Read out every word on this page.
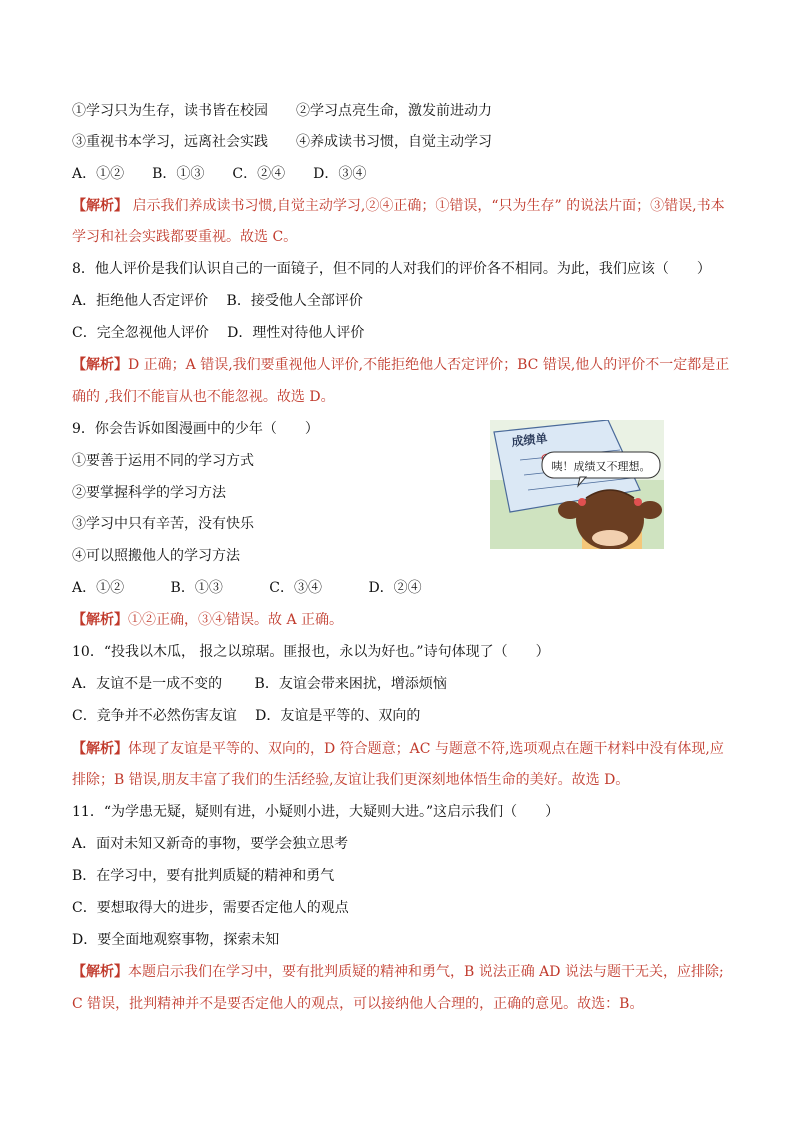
①学习只为生存，读书皆在校园　　②学习点亮生命，激发前进动力
③重视书本学习，远离社会实践　　④养成读书习惯，自觉主动学习
A．①②　　B．①③　　C．②④　　D．③④
【解析】 启示我们养成读书习惯,自觉主动学习,②④正确；①错误，“只为生存” 的说法片面；③错误,书本
学习和社会实践都要重视。故选 C。
8．他人评价是我们认识自己的一面镜子，但不同的人对我们的评价各不相同。为此，我们应该（　　）
A．拒绝他人否定评价　 B．接受他人全部评价
C．完全忽视他人评价　 D．理性对待他人评价
【解析】D 正确；A 错误,我们要重视他人评价,不能拒绝他人否定评价；BC 错误,他人的评价不一定都是正
确的 ,我们不能盲从也不能忽视。故选 D。
9．你会告诉如图漫画中的少年（　　）
①要善于运用不同的学习方式
②要掌握科学的学习方法
③学习中只有辛苦，没有快乐
④可以照搬他人的学习方法
A．①②　　　 B．①③　　　 C．③④　　　 D．②④
【解析】①②正确，③④错误。故 A 正确。
10．“投我以木瓜， 报之以琼琚。匪报也，永以为好也。”诗句体现了（　　）
A．友谊不是一成不变的　　 B．友谊会带来困扰，增添烦恼
C．竞争并不必然伤害友谊　 D．友谊是平等的、双向的
【解析】体现了友谊是平等的、双向的，D 符合题意；AC 与题意不符,选项观点在题干材料中没有体现,应
排除；B 错误,朋友丰富了我们的生活经验,友谊让我们更深刻地体悟生命的美好。故选 D。
11．“为学患无疑，疑则有进，小疑则小进，大疑则大进。”这启示我们（　　）
A．面对未知又新奇的事物，要学会独立思考
B．在学习中，要有批判质疑的精神和勇气
C．要想取得大的进步，需要否定他人的观点
D．要全面地观察事物，探索未知
【解析】本题启示我们在学习中，要有批判质疑的精神和勇气，B 说法正确 AD 说法与题干无关，应排除;
C 错误，批判精神并不是要否定他人的观点，可以接纳他人合理的，正确的意见。故选：B。
成绩单
咦！成绩又不理想。
